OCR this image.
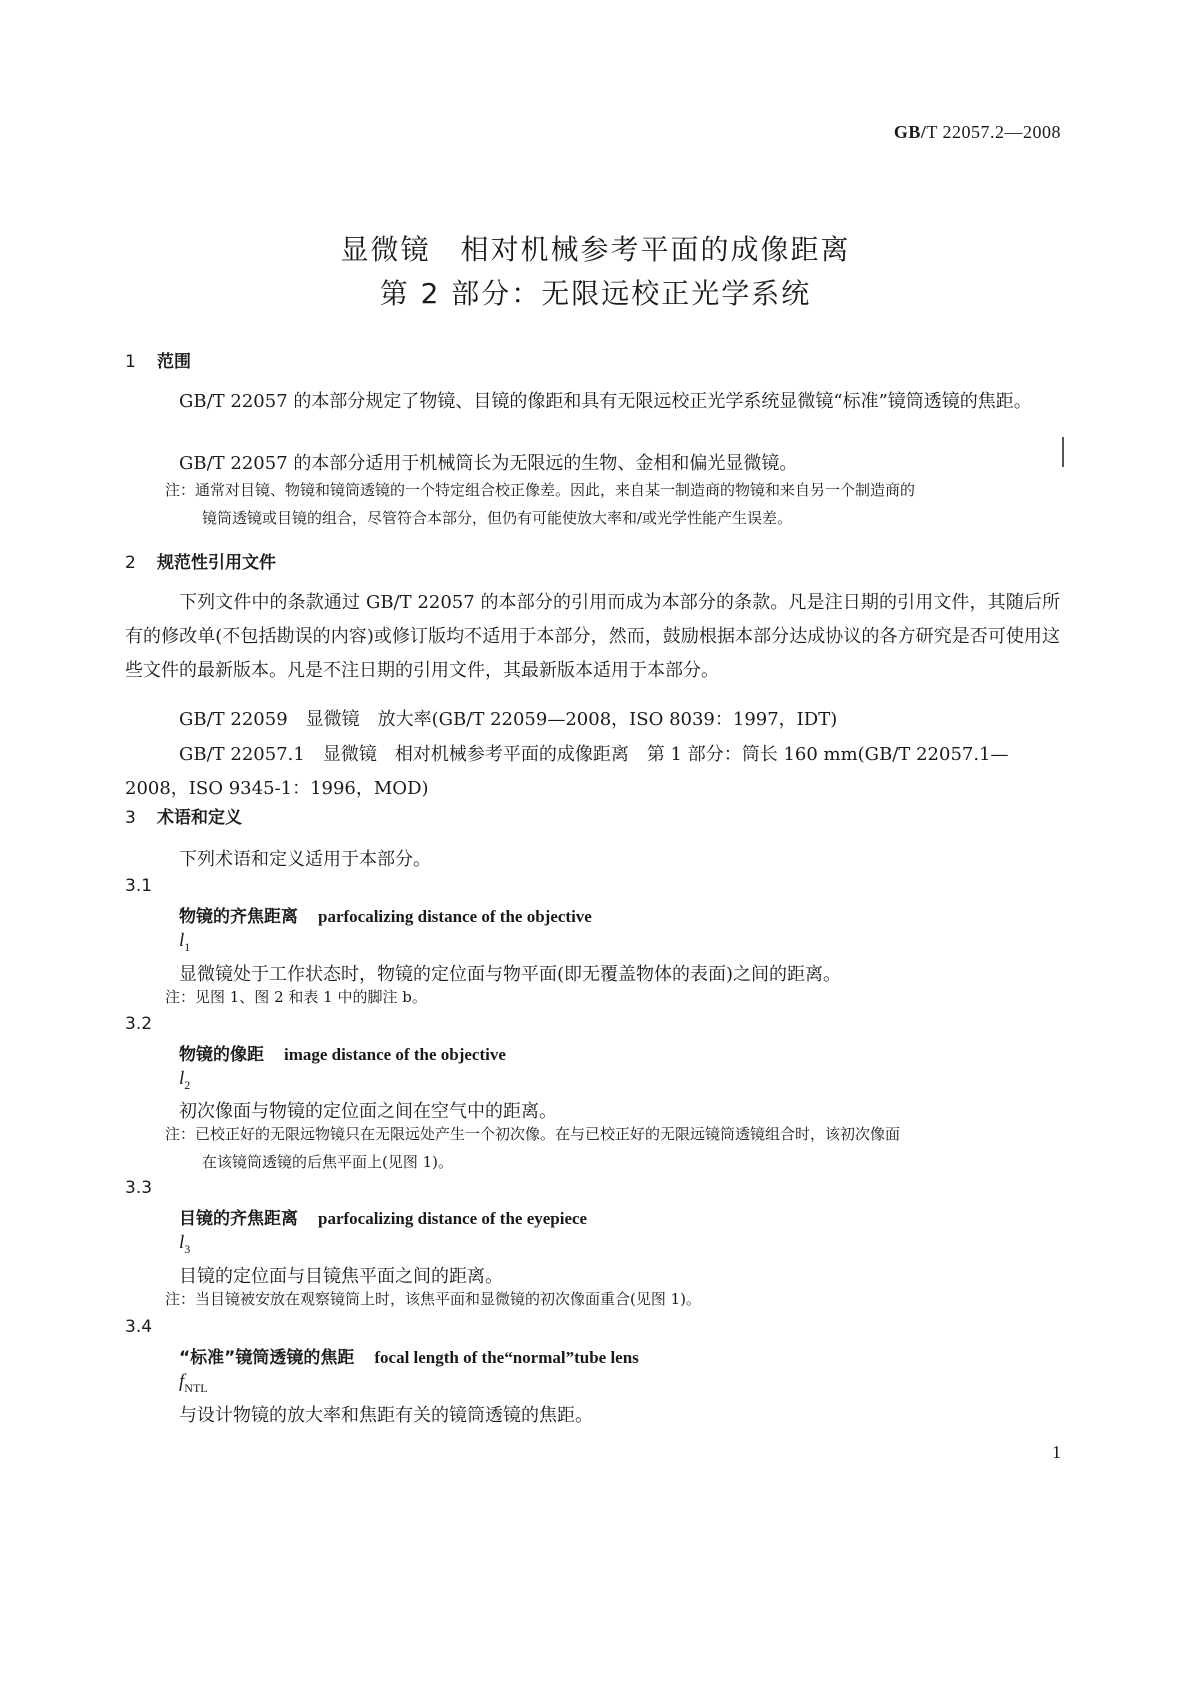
GB/T 22057.2—2008
显微镜　相对机械参考平面的成像距离
第 2 部分：无限远校正光学系统
1 范围
GB/T 22057 的本部分规定了物镜、目镜的像距和具有无限远校正光学系统显微镜“标准”镜筒透镜的焦距。
GB/T 22057 的本部分适用于机械筒长为无限远的生物、金相和偏光显微镜。
注：通常对目镜、物镜和镜筒透镜的一个特定组合校正像差。因此，来自某一制造商的物镜和来自另一个制造商的
镜筒透镜或目镜的组合，尽管符合本部分，但仍有可能使放大率和/或光学性能产生误差。
2 规范性引用文件
下列文件中的条款通过 GB/T 22057 的本部分的引用而成为本部分的条款。凡是注日期的引用文件，其随后所有的修改单(不包括勘误的内容)或修订版均不适用于本部分，然而，鼓励根据本部分达成协议的各方研究是否可使用这些文件的最新版本。凡是不注日期的引用文件，其最新版本适用于本部分。
GB/T 22059　显微镜　放大率(GB/T 22059—2008，ISO 8039：1997，IDT)
GB/T 22057.1　显微镜　相对机械参考平面的成像距离　第 1 部分：筒长 160 mm(GB/T 22057.1—
2008，ISO 9345-1：1996，MOD)
3 术语和定义
下列术语和定义适用于本部分。
3.1
物镜的齐焦距离 parfocalizing distance of the objective
$l_1$
显微镜处于工作状态时，物镜的定位面与物平面(即无覆盖物体的表面)之间的距离。
注：见图 1、图 2 和表 1 中的脚注 b。
3.2
物镜的像距 image distance of the objective
$l_2$
初次像面与物镜的定位面之间在空气中的距离。
注：已校正好的无限远物镜只在无限远处产生一个初次像。在与已校正好的无限远镜筒透镜组合时，该初次像面
在该镜筒透镜的后焦平面上(见图 1)。
3.3
目镜的齐焦距离 parfocalizing distance of the eyepiece
$l_3$
目镜的定位面与目镜焦平面之间的距离。
注：当目镜被安放在观察镜筒上时，该焦平面和显微镜的初次像面重合(见图 1)。
3.4
“标准”镜筒透镜的焦距 focal length of the“normal”tube lens
$f_{NTL}$
与设计物镜的放大率和焦距有关的镜筒透镜的焦距。
1
